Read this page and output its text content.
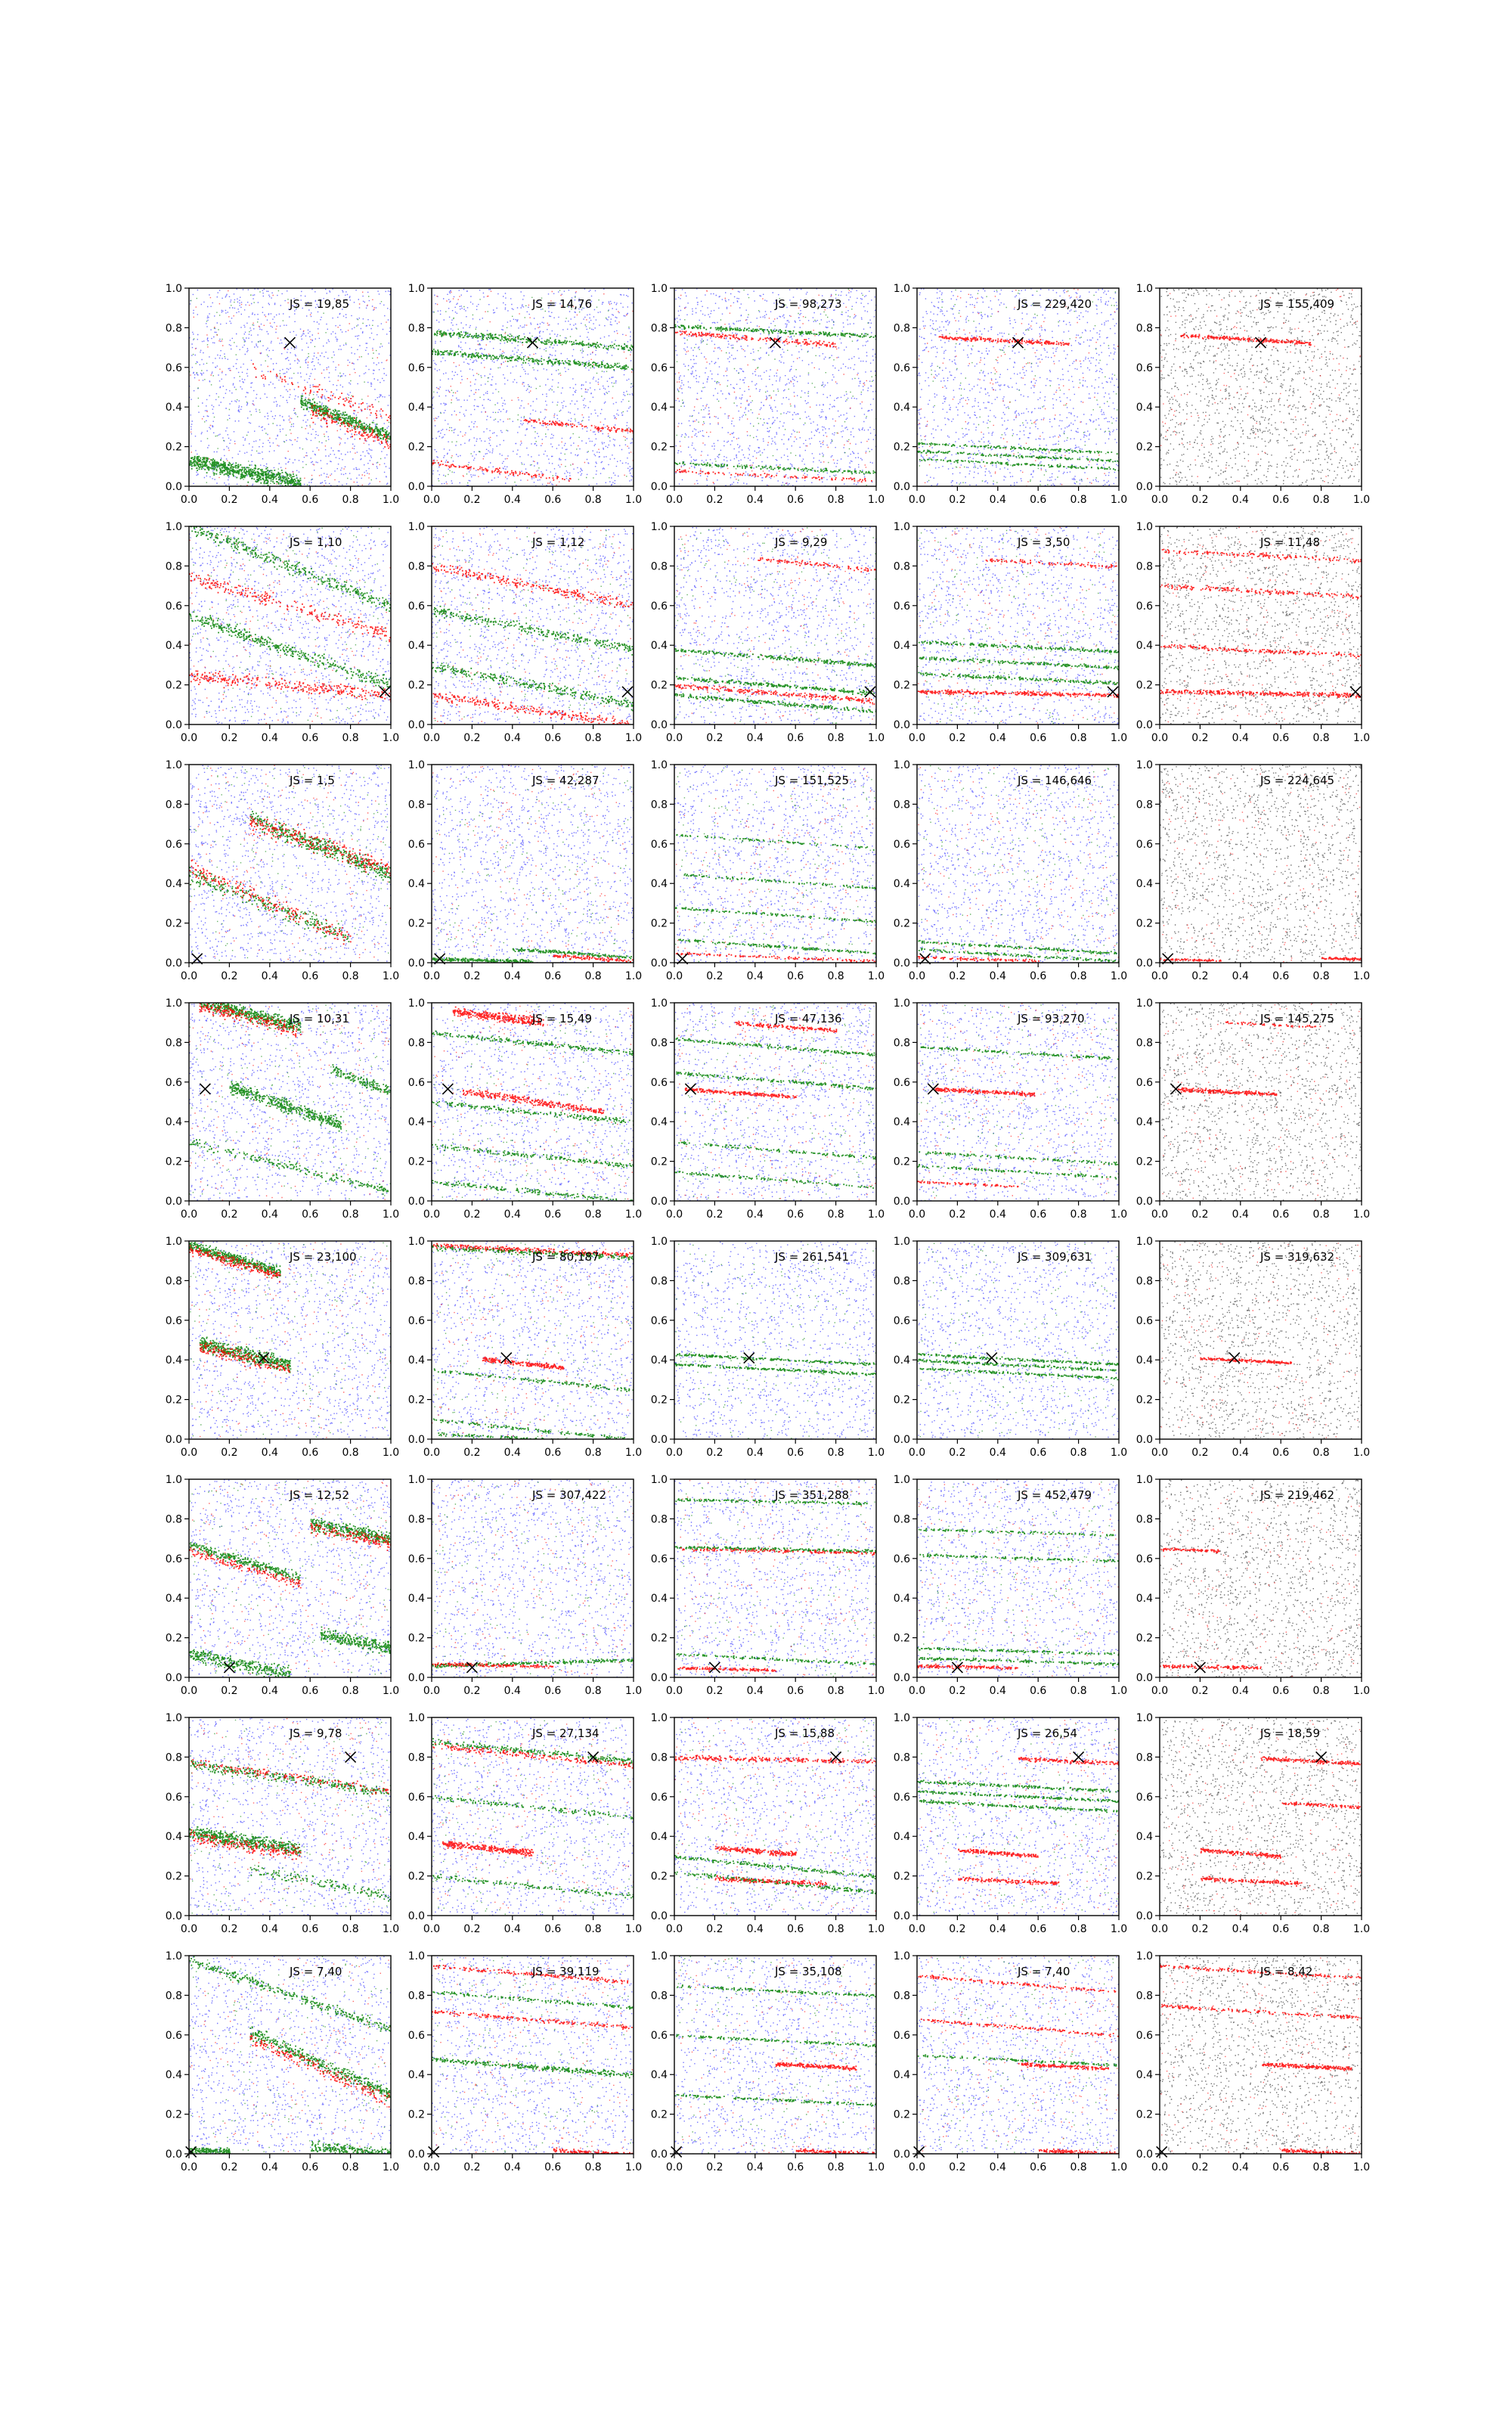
0.0 0.2 0.4 0.6 0.8 1.0
0.0
0.2
0.4
0.6
0.8
1.0
JS = 19,85
0.0 0.2 0.4 0.6 0.8 1.0
0.0
0.2
0.4
0.6
0.8
1.0
JS = 14,76
0.0 0.2 0.4 0.6 0.8 1.0
0.0
0.2
0.4
0.6
0.8
1.0
JS = 98,273
0.0 0.2 0.4 0.6 0.8 1.0
0.0
0.2
0.4
0.6
0.8
1.0
JS = 229,420
0.0 0.2 0.4 0.6 0.8 1.0
0.0
0.2
0.4
0.6
0.8
1.0
JS = 155,409
0.0 0.2 0.4 0.6 0.8 1.0
0.0
0.2
0.4
0.6
0.8
1.0
JS = 1,10
0.0 0.2 0.4 0.6 0.8 1.0
0.0
0.2
0.4
0.6
0.8
1.0
JS = 1,12
0.0 0.2 0.4 0.6 0.8 1.0
0.0
0.2
0.4
0.6
0.8
1.0
JS = 9,29
0.0 0.2 0.4 0.6 0.8 1.0
0.0
0.2
0.4
0.6
0.8
1.0
JS = 3,50
0.0 0.2 0.4 0.6 0.8 1.0
0.0
0.2
0.4
0.6
0.8
1.0
JS = 11,48
0.0 0.2 0.4 0.6 0.8 1.0
0.0
0.2
0.4
0.6
0.8
1.0
JS = 1,5
0.0 0.2 0.4 0.6 0.8 1.0
0.0
0.2
0.4
0.6
0.8
1.0
JS = 42,287
0.0 0.2 0.4 0.6 0.8 1.0
0.0
0.2
0.4
0.6
0.8
1.0
JS = 151,525
0.0 0.2 0.4 0.6 0.8 1.0
0.0
0.2
0.4
0.6
0.8
1.0
JS = 146,646
0.0 0.2 0.4 0.6 0.8 1.0
0.0
0.2
0.4
0.6
0.8
1.0
JS = 224,645
0.0 0.2 0.4 0.6 0.8 1.0
0.0
0.2
0.4
0.6
0.8
1.0
JS = 10,31
0.0 0.2 0.4 0.6 0.8 1.0
0.0
0.2
0.4
0.6
0.8
1.0
JS = 15,49
0.0 0.2 0.4 0.6 0.8 1.0
0.0
0.2
0.4
0.6
0.8
1.0
JS = 47,136
0.0 0.2 0.4 0.6 0.8 1.0
0.0
0.2
0.4
0.6
0.8
1.0
JS = 93,270
0.0 0.2 0.4 0.6 0.8 1.0
0.0
0.2
0.4
0.6
0.8
1.0
JS = 145,275
0.0 0.2 0.4 0.6 0.8 1.0
0.0
0.2
0.4
0.6
0.8
1.0
JS = 23,100
0.0 0.2 0.4 0.6 0.8 1.0
0.0
0.2
0.4
0.6
0.8
1.0
JS = 80,187
0.0 0.2 0.4 0.6 0.8 1.0
0.0
0.2
0.4
0.6
0.8
1.0
JS = 261,541
0.0 0.2 0.4 0.6 0.8 1.0
0.0
0.2
0.4
0.6
0.8
1.0
JS = 309,631
0.0 0.2 0.4 0.6 0.8 1.0
0.0
0.2
0.4
0.6
0.8
1.0
JS = 319,632
0.0 0.2 0.4 0.6 0.8 1.0
0.0
0.2
0.4
0.6
0.8
1.0
JS = 12,52
0.0 0.2 0.4 0.6 0.8 1.0
0.0
0.2
0.4
0.6
0.8
1.0
JS = 307,422
0.0 0.2 0.4 0.6 0.8 1.0
0.0
0.2
0.4
0.6
0.8
1.0
JS = 351,288
0.0 0.2 0.4 0.6 0.8 1.0
0.0
0.2
0.4
0.6
0.8
1.0
JS = 452,479
0.0 0.2 0.4 0.6 0.8 1.0
0.0
0.2
0.4
0.6
0.8
1.0
JS = 219,462
0.0 0.2 0.4 0.6 0.8 1.0
0.0
0.2
0.4
0.6
0.8
1.0
JS = 9,78
0.0 0.2 0.4 0.6 0.8 1.0
0.0
0.2
0.4
0.6
0.8
1.0
JS = 27,134
0.0 0.2 0.4 0.6 0.8 1.0
0.0
0.2
0.4
0.6
0.8
1.0
JS = 15,88
0.0 0.2 0.4 0.6 0.8 1.0
0.0
0.2
0.4
0.6
0.8
1.0
JS = 26,54
0.0 0.2 0.4 0.6 0.8 1.0
0.0
0.2
0.4
0.6
0.8
1.0
JS = 18,59
0.0 0.2 0.4 0.6 0.8 1.0
0.0
0.2
0.4
0.6
0.8
1.0
JS = 7,40
0.0 0.2 0.4 0.6 0.8 1.0
0.0
0.2
0.4
0.6
0.8
1.0
JS = 39,119
0.0 0.2 0.4 0.6 0.8 1.0
0.0
0.2
0.4
0.6
0.8
1.0
JS = 35,108
0.0 0.2 0.4 0.6 0.8 1.0
0.0
0.2
0.4
0.6
0.8
1.0
JS = 7,40
0.0 0.2 0.4 0.6 0.8 1.0
0.0
0.2
0.4
0.6
0.8
1.0
JS = 8,42
